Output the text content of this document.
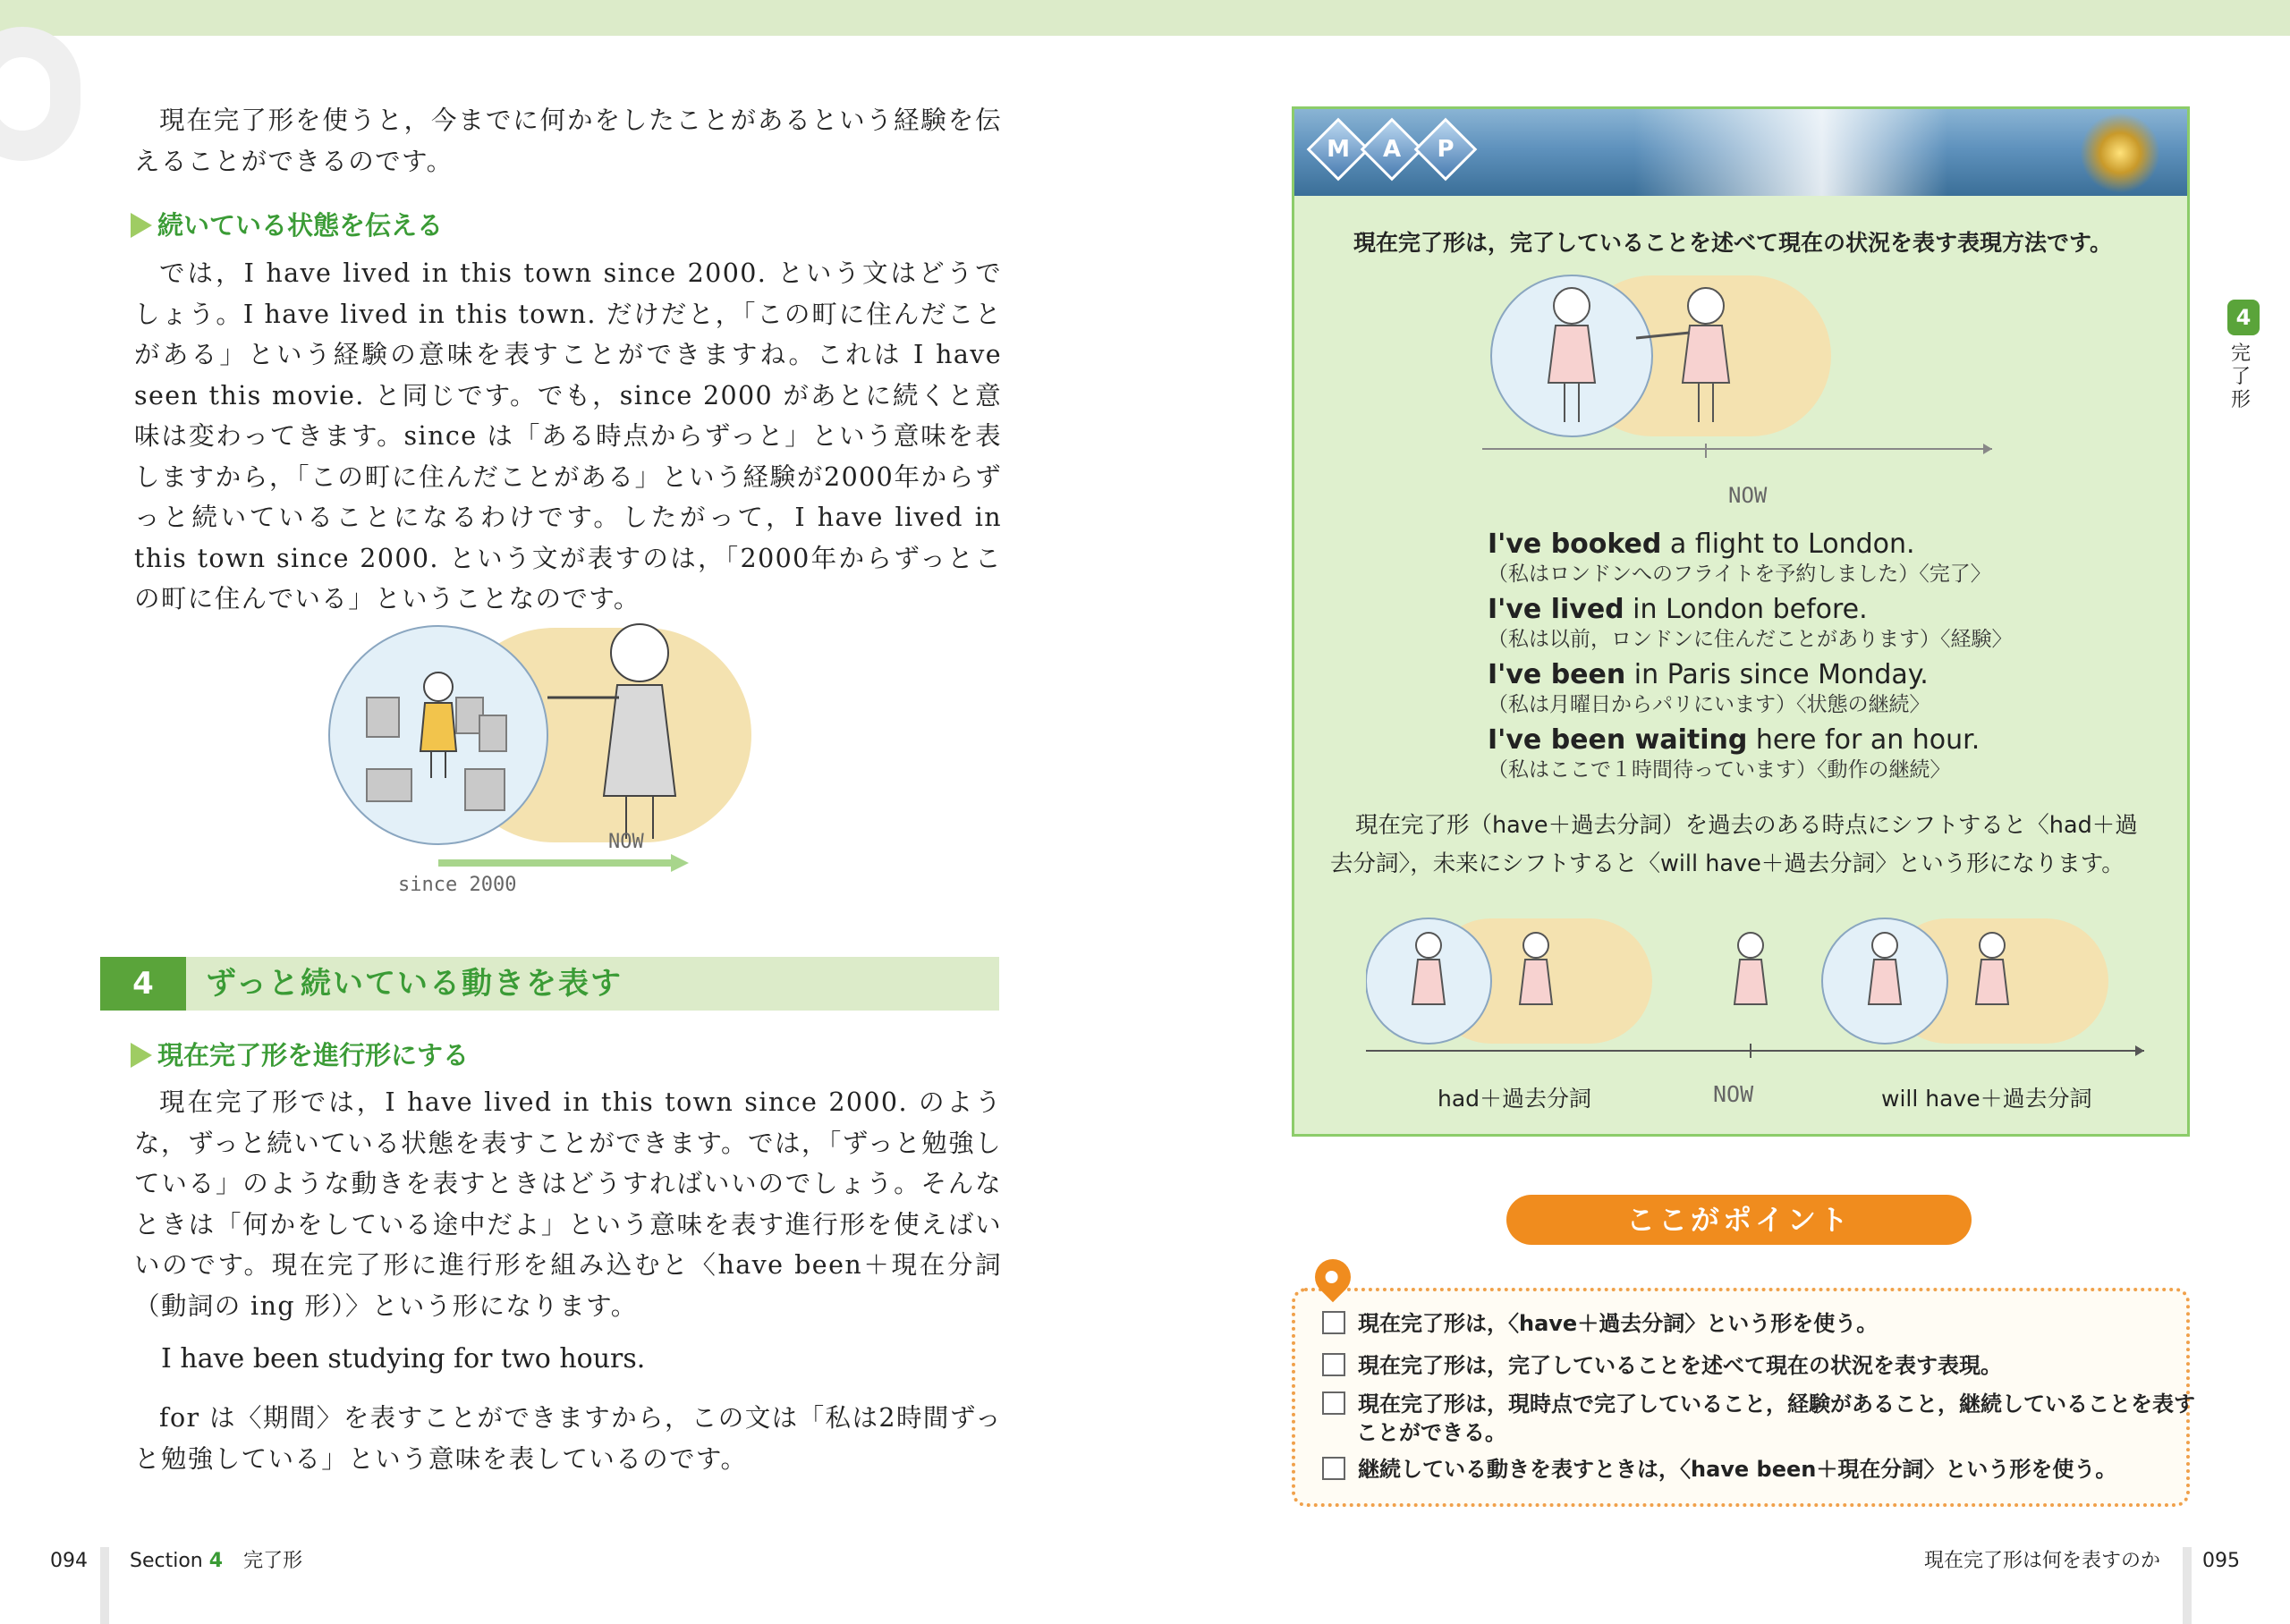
現在完了形を使うと，今までに何かをしたことがあるという経験を伝えることができるのです。

続いている状態を伝える

では，I have lived in this town since 2000. という文はどうでしょう。I have lived in this town. だけだと，「この町に住んだことがある」という経験の意味を表すことができますね。これは I have seen this movie. と同じです。でも，since 2000 があとに続くと意味は変わってきます。since は「ある時点からずっと」という意味を表しますから，「この町に住んだことがある」という経験が2000年からずっと続いていることになるわけです。したがって，I have lived in this town since 2000. という文が表すのは，「2000年からずっとこの町に住んでいる」ということなのです。

NOW
since 2000
4	ずっと続いている動きを表す
現在完了形を進行形にする

現在完了形では，I have lived in this town since 2000. のような，ずっと続いている状態を表すことができます。では，「ずっと勉強している」のような動きを表すときはどうすればいいのでしょう。そんなときは「何かをしている途中だよ」という意味を表す進行形を使えばいいのです。現在完了形に進行形を組み込むと〈have been＋現在分詞（動詞の ing 形）〉という形になります。

I have been studying for two hours.

for は〈期間〉を表すことができますから，この文は「私は2時間ずっと勉強している」という意味を表しているのです。

094 Section 4 完了形
4
完了形
M	A	P
現在完了形は，完了していることを述べて現在の状況を表す表現方法です。
NOW
I've booked a flight to London.
（私はロンドンへのフライトを予約しました）〈完了〉
I've lived in London before.
（私は以前，ロンドンに住んだことがあります）〈経験〉
I've been in Paris since Monday.
（私は月曜日からパリにいます）〈状態の継続〉
I've been waiting here for an hour.
（私はここで１時間待っています）〈動作の継続〉
現在完了形（have＋過去分詞）を過去のある時点にシフトすると〈had＋過去分詞〉，未来にシフトすると〈will have＋過去分詞〉という形になります。
had＋過去分詞	NOW	will have＋過去分詞
現在完了形は，〈have＋過去分詞〉という形を使う。
現在完了形は，完了していることを述べて現在の状況を表す表現。
現在完了形は，現時点で完了していること，経験があること，継続していることを表すことができる。
継続している動きを表すときは，〈have been＋現在分詞〉という形を使う。
ここがポイント
現在完了形は何を表すのか 095
